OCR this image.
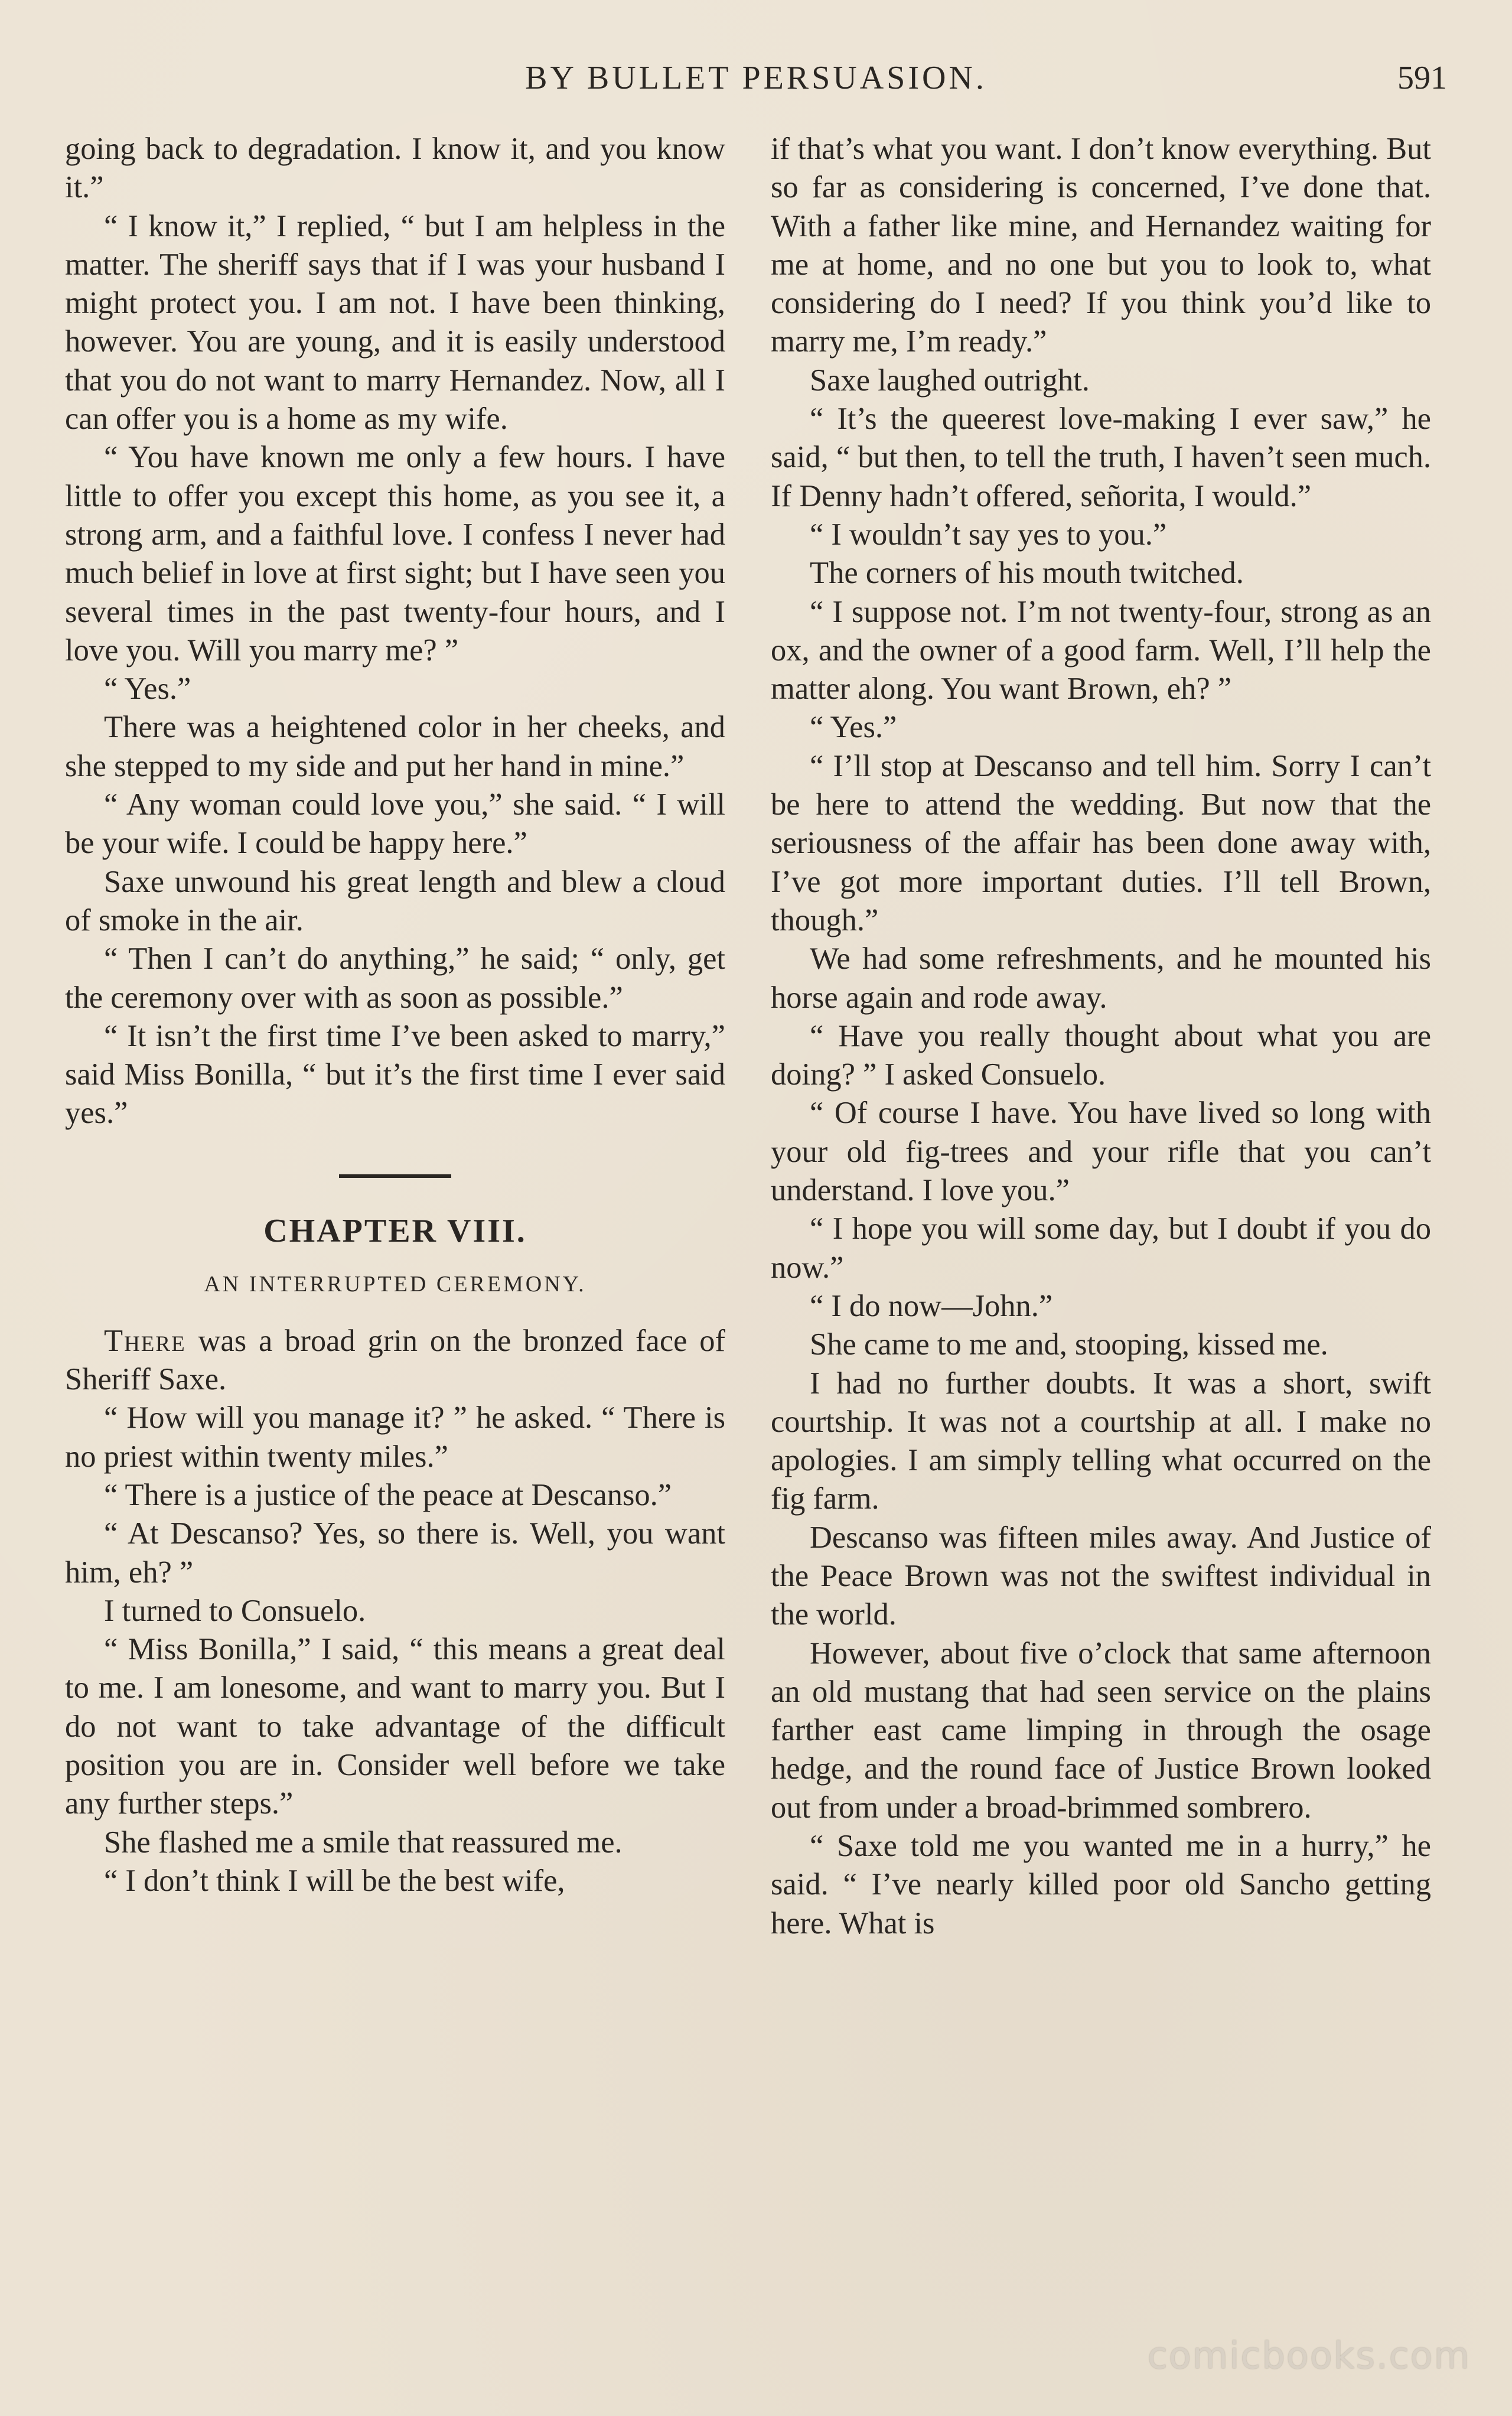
BY BULLET PERSUASION.	591

going back to degradation. I know it, and you know it.”

“ I know it,” I replied, “ but I am helpless in the matter. The sheriff says that if I was your husband I might protect you. I am not. I have been thinking, however. You are young, and it is easily understood that you do not want to marry Hernandez. Now, all I can offer you is a home as my wife.

“ You have known me only a few hours. I have little to offer you except this home, as you see it, a strong arm, and a faithful love. I confess I never had much belief in love at first sight; but I have seen you several times in the past twenty-four hours, and I love you. Will you marry me? ”

“ Yes.”

There was a heightened color in her cheeks, and she stepped to my side and put her hand in mine.”

“ Any woman could love you,” she said. “ I will be your wife. I could be happy here.”

Saxe unwound his great length and blew a cloud of smoke in the air.

“ Then I can’t do anything,” he said; “ only, get the ceremony over with as soon as possible.”

“ It isn’t the first time I’ve been asked to marry,” said Miss Bonilla, “ but it’s the first time I ever said yes.”

CHAPTER VIII.
AN INTERRUPTED CEREMONY.

There was a broad grin on the bronzed face of Sheriff Saxe.

“ How will you manage it? ” he asked. “ There is no priest within twenty miles.”

“ There is a justice of the peace at Descanso.”

“ At Descanso? Yes, so there is. Well, you want him, eh? ”

I turned to Consuelo.

“ Miss Bonilla,” I said, “ this means a great deal to me. I am lonesome, and want to marry you. But I do not want to take advantage of the difficult position you are in. Consider well before we take any further steps.”

She flashed me a smile that reassured me.

“ I don’t think I will be the best wife,

if that’s what you want. I don’t know everything. But so far as considering is concerned, I’ve done that. With a father like mine, and Hernandez waiting for me at home, and no one but you to look to, what considering do I need? If you think you’d like to marry me, I’m ready.”

Saxe laughed outright.

“ It’s the queerest love-making I ever saw,” he said, “ but then, to tell the truth, I haven’t seen much. If Denny hadn’t offered, señorita, I would.”

“ I wouldn’t say yes to you.”

The corners of his mouth twitched.

“ I suppose not. I’m not twenty-four, strong as an ox, and the owner of a good farm. Well, I’ll help the matter along. You want Brown, eh? ”

“ Yes.”

“ I’ll stop at Descanso and tell him. Sorry I can’t be here to attend the wedding. But now that the seriousness of the affair has been done away with, I’ve got more important duties. I’ll tell Brown, though.”

We had some refreshments, and he mounted his horse again and rode away.

“ Have you really thought about what you are doing? ” I asked Consuelo.

“ Of course I have. You have lived so long with your old fig-trees and your rifle that you can’t understand. I love you.”

“ I hope you will some day, but I doubt if you do now.”

“ I do now—John.”

She came to me and, stooping, kissed me.

I had no further doubts. It was a short, swift courtship. It was not a courtship at all. I make no apologies. I am simply telling what occurred on the fig farm.

Descanso was fifteen miles away. And Justice of the Peace Brown was not the swiftest individual in the world.

However, about five o’clock that same afternoon an old mustang that had seen service on the plains farther east came limping in through the osage hedge, and the round face of Justice Brown looked out from under a broad-brimmed sombrero.

“ Saxe told me you wanted me in a hurry,” he said. “ I’ve nearly killed poor old Sancho getting here. What is

comicbooks.com
